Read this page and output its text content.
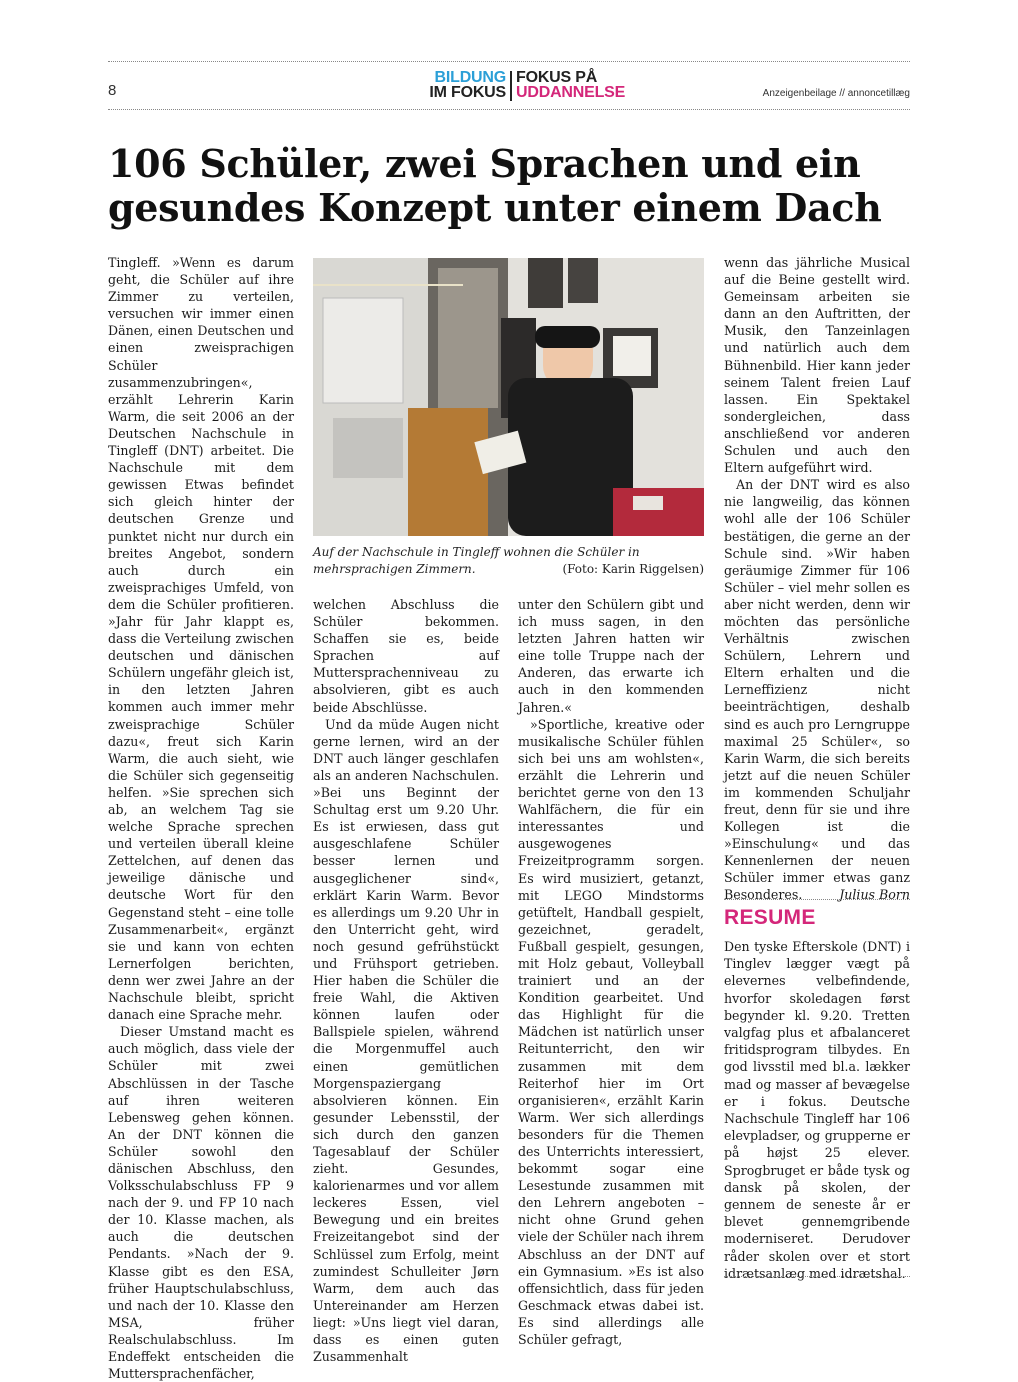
8
BILDUNG
IM FOKUS
FOKUS PÅ
UDDANNELSE	Anzeigenbeilage // annoncetillæg
106 Schüler, zwei Sprachen und ein gesundes Konzept unter einem Dach

Tingleff. »Wenn es darum geht, die Schüler auf ihre Zimmer zu verteilen, versuchen wir immer einen Dänen, einen Deutschen und einen zweisprachigen Schüler zusammenzubringen«, erzählt Lehrerin Karin Warm, die seit 2006 an der Deutschen Nachschule in Tingleff (DNT) arbeitet. Die Nachschule mit dem gewissen Etwas befindet sich gleich hinter der deutschen Grenze und punktet nicht nur durch ein breites Angebot, sondern auch durch ein zweisprachiges Umfeld, von dem die Schüler profitieren. »Jahr für Jahr klappt es, dass die Verteilung zwischen deutschen und dänischen Schülern ungefähr gleich ist, in den letzten Jahren kommen auch immer mehr zweisprachige Schüler dazu«, freut sich Karin Warm, die auch sieht, wie die Schüler sich gegenseitig helfen. »Sie sprechen sich ab, an welchem Tag sie welche Sprache sprechen und verteilen überall kleine Zettelchen, auf denen das jeweilige dänische und deutsche Wort für den Gegenstand steht – eine tolle Zusammenarbeit«, ergänzt sie und kann von echten Lernerfolgen berichten, denn wer zwei Jahre an der Nachschule bleibt, spricht danach eine Sprache mehr.

Dieser Umstand macht es auch möglich, dass viele der Schüler mit zwei Abschlüssen in der Tasche auf ihren weiteren Lebensweg gehen können. An der DNT können die Schüler sowohl den dänischen Abschluss, den Volksschulabschluss FP 9 nach der 9. und FP 10 nach der 10. Klasse machen, als auch die deutschen Pendants. »Nach der 9. Klasse gibt es den ESA, früher Hauptschulabschluss, und nach der 10. Klasse den MSA, früher Realschulabschluss. Im Endeffekt entscheiden die Muttersprachenfächer,

Auf der Nachschule in Tingleff wohnen die Schüler in mehrsprachigen Zimmern.	(Foto: Karin Riggelsen)

welchen Abschluss die Schüler bekommen. Schaffen sie es, beide Sprachen auf Muttersprachenniveau zu absolvieren, gibt es auch beide Abschlüsse.

Und da müde Augen nicht gerne lernen, wird an der DNT auch länger geschlafen als an anderen Nachschulen. »Bei uns Beginnt der Schultag erst um 9.20 Uhr. Es ist erwiesen, dass gut ausgeschlafene Schüler besser lernen und ausgeglichener sind«, erklärt Karin Warm. Bevor es allerdings um 9.20 Uhr in den Unterricht geht, wird noch gesund gefrühstückt und Frühsport getrieben. Hier haben die Schüler die freie Wahl, die Aktiven können laufen oder Ballspiele spielen, während die Morgenmuffel auch einen gemütlichen Morgenspaziergang absolvieren können. Ein gesunder Lebensstil, der sich durch den ganzen Tagesablauf der Schüler zieht. Gesundes, kalorienarmes und vor allem leckeres Essen, viel Bewegung und ein breites Freizeitangebot sind der Schlüssel zum Erfolg, meint zumindest Schulleiter Jørn Warm, dem auch das Untereinander am Herzen liegt: »Uns liegt viel daran, dass es einen guten Zusammenhalt

unter den Schülern gibt und ich muss sagen, in den letzten Jahren hatten wir eine tolle Truppe nach der Anderen, das erwarte ich auch in den kommenden Jahren.«

»Sportliche, kreative oder musikalische Schüler fühlen sich bei uns am wohlsten«, erzählt die Lehrerin und berichtet gerne von den 13 Wahlfächern, die für ein interessantes und ausgewogenes Freizeitprogramm sorgen. Es wird musiziert, getanzt, mit LEGO Mindstorms getüftelt, Handball gespielt, gezeichnet, geradelt, Fußball gespielt, gesungen, mit Holz gebaut, Volleyball trainiert und an der Kondition gearbeitet. Und das Highlight für die Mädchen ist natürlich unser Reitunterricht, den wir zusammen mit dem Reiterhof hier im Ort organisieren«, erzählt Karin Warm. Wer sich allerdings besonders für die Themen des Unterrichts interessiert, bekommt sogar eine Lesestunde zusammen mit den Lehrern angeboten – nicht ohne Grund gehen viele der Schüler nach ihrem Abschluss an der DNT auf ein Gymnasium. »Es ist also offensichtlich, dass für jeden Geschmack etwas dabei ist. Es sind allerdings alle Schüler gefragt,

wenn das jährliche Musical auf die Beine gestellt wird. Gemeinsam arbeiten sie dann an den Auftritten, der Musik, den Tanzeinlagen und natürlich auch dem Bühnenbild. Hier kann jeder seinem Talent freien Lauf lassen. Ein Spektakel sondergleichen, dass anschließend vor anderen Schulen und auch den Eltern aufgeführt wird.

An der DNT wird es also nie langweilig, das können wohl alle der 106 Schüler bestätigen, die gerne an der Schule sind. »Wir haben geräumige Zimmer für 106 Schüler – viel mehr sollen es aber nicht werden, denn wir möchten das persönliche Verhältnis zwischen Schülern, Lehrern und Eltern erhalten und die Lerneffizienz nicht beeinträchtigen, deshalb sind es auch pro Lerngruppe maximal 25 Schüler«, so Karin Warm, die sich bereits jetzt auf die neuen Schüler im kommenden Schuljahr freut, denn für sie und ihre Kollegen ist die »Einschulung« und das Kennenlernen der neuen Schüler immer etwas ganz Besonderes.	Julius Born

RESUME

Den tyske Efterskole (DNT) i Tinglev lægger vægt på elevernes velbefindende, hvorfor skoledagen først begynder kl. 9.20. Tretten valgfag plus et afbalanceret fritidsprogram tilbydes. En god livsstil med bl.a. lækker mad og masser af bevægelse er i fokus. Deutsche Nachschule Tingleff har 106 elevpladser, og grupperne er på højst 25 elever. Sprogbruget er både tysk og dansk på skolen, der gennem de seneste år er blevet gennemgribende moderniseret. Derudover råder skolen over et stort idrætsanlæg med idrætshal.
